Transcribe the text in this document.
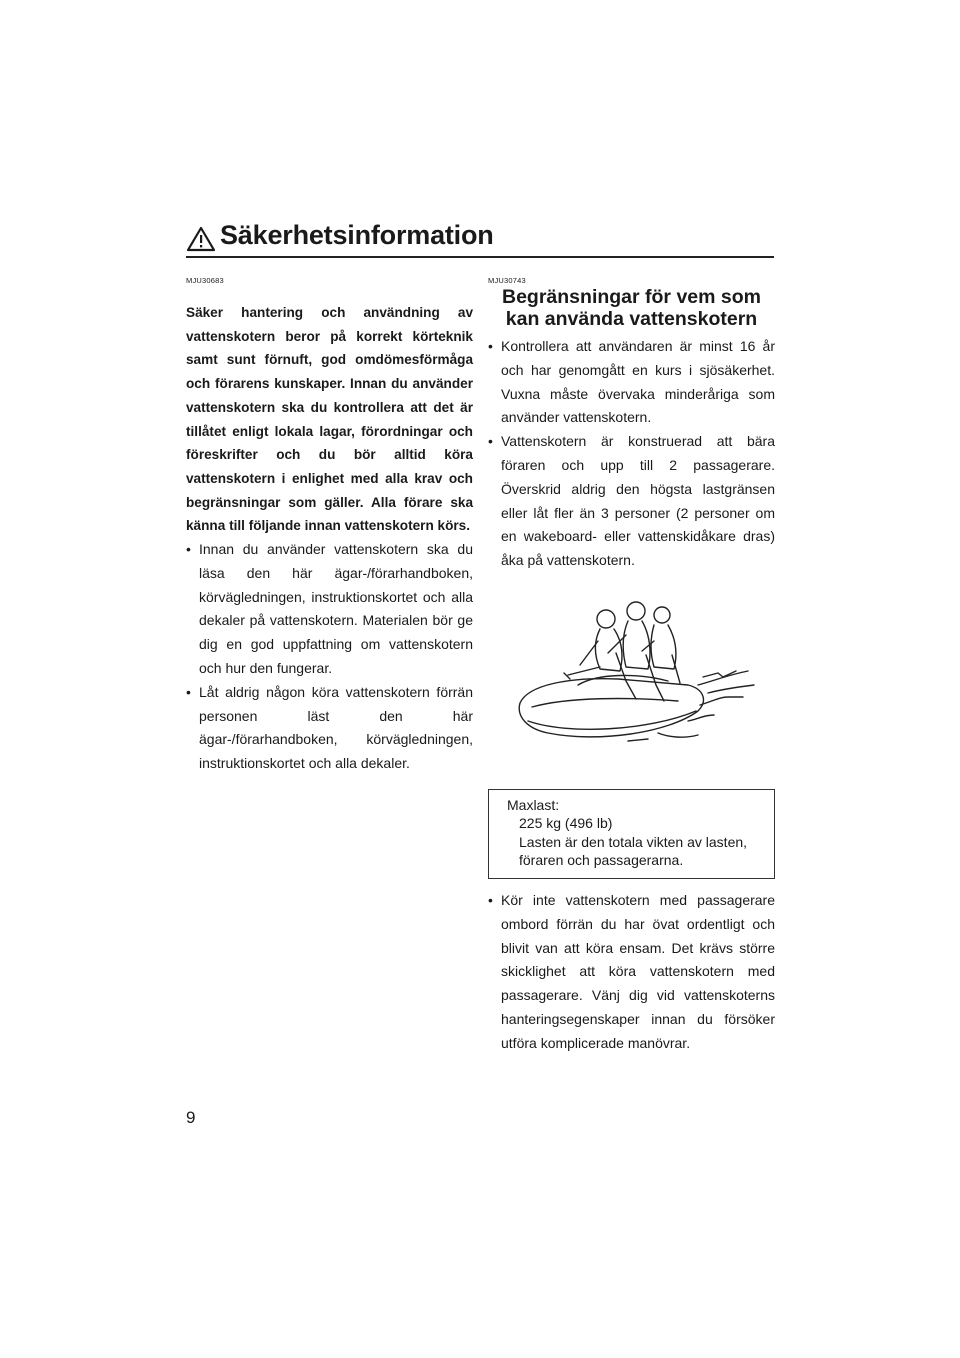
Säkerhetsinformation
9
MJU30683

Säker hantering och användning av vattenskotern beror på korrekt körteknik samt sunt förnuft, god omdömesförmåga och förarens kunskaper. Innan du använder vattenskotern ska du kontrollera att det är tillåtet enligt lokala lagar, förordningar och föreskrifter och du bör alltid köra vattenskotern i enlighet med alla krav och begränsningar som gäller. Alla förare ska känna till följande innan vattenskotern körs.

• Innan du använder vattenskotern ska du läsa den här ägar-/förarhandboken, körvägledningen, instruktionskortet och alla dekaler på vattenskotern. Materialen bör ge dig en god uppfattning om vattenskotern och hur den fungerar.
• Låt aldrig någon köra vattenskotern förrän personen läst den här ägar-/förarhandboken, körvägledningen, instruktionskortet och alla dekaler.
MJU30743
Begränsningar för vem som
kan använda vattenskotern
• Kontrollera att användaren är minst 16 år och har genomgått en kurs i sjösäkerhet. Vuxna måste övervaka minderåriga som använder vattenskotern.
• Vattenskotern är konstruerad att bära föraren och upp till 2 passagerare. Överskrid aldrig den högsta lastgränsen eller låt fler än 3 personer (2 personer om en wakeboard- eller vattenskidåkare dras) åka på vattenskotern.

Maxlast:

225 kg (496 lb)

Lasten är den totala vikten av lasten, föraren och passagerarna.

• Kör inte vattenskotern med passagerare ombord förrän du har övat ordentligt och blivit van att köra ensam. Det krävs större skicklighet att köra vattenskotern med passagerare. Vänj dig vid vattenskoterns hanteringsegenskaper innan du försöker utföra komplicerade manövrar.
